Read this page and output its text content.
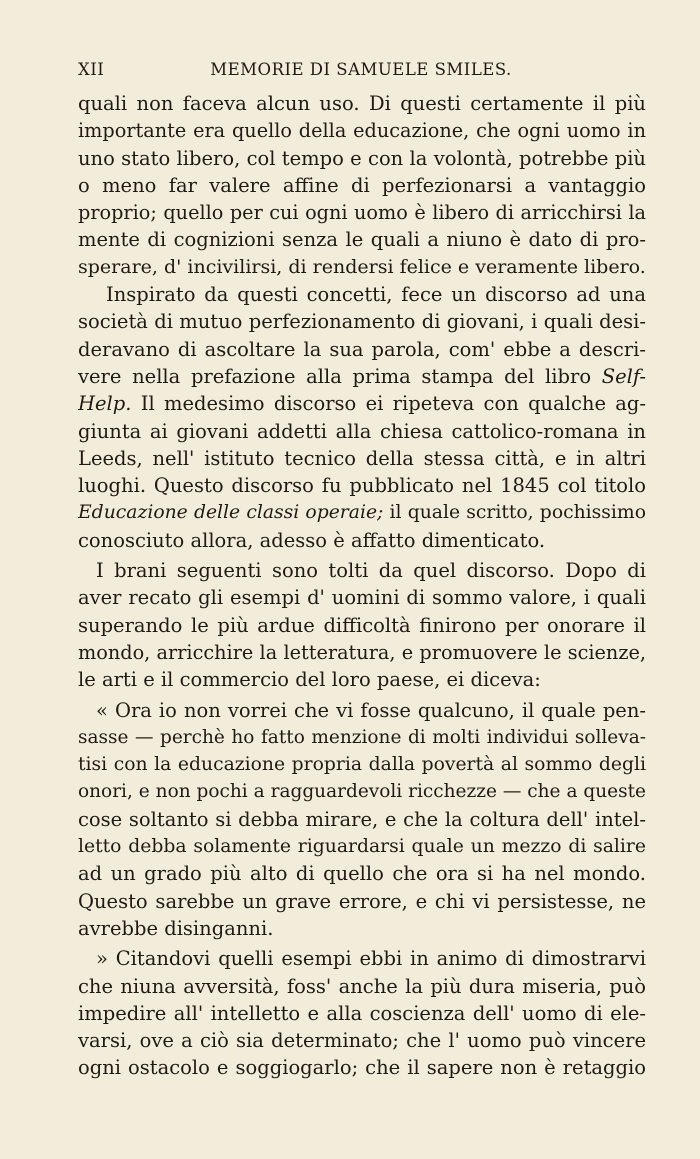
XII	MEMORIE DI SAMUELE SMILES.
quali non faceva alcun uso. Di questi certamente il più
importante era quello della educazione, che ogni uomo in
uno stato libero, col tempo e con la volontà, potrebbe più
o meno far valere affine di perfezionarsi a vantaggio
proprio; quello per cui ogni uomo è libero di arricchirsi la
mente di cognizioni senza le quali a niuno è dato di pro-
sperare, d' incivilirsi, di rendersi felice e veramente libero.
Inspirato da questi concetti, fece un discorso ad una
società di mutuo perfezionamento di giovani, i quali desi-
deravano di ascoltare la sua parola, com' ebbe a descri-
vere nella prefazione alla prima stampa del libro Self-
Help. Il medesimo discorso ei ripeteva con qualche ag-
giunta ai giovani addetti alla chiesa cattolico-romana in
Leeds, nell' istituto tecnico della stessa città, e in altri
luoghi. Questo discorso fu pubblicato nel 1845 col titolo
Educazione delle classi operaie; il quale scritto, pochissimo
conosciuto allora, adesso è affatto dimenticato.
I brani seguenti sono tolti da quel discorso. Dopo di
aver recato gli esempi d' uomini di sommo valore, i quali
superando le più ardue difficoltà finirono per onorare il
mondo, arricchire la letteratura, e promuovere le scienze,
le arti e il commercio del loro paese, ei diceva:
« Ora io non vorrei che vi fosse qualcuno, il quale pen-
sasse — perchè ho fatto menzione di molti individui solleva-
tisi con la educazione propria dalla povertà al sommo degli
onori, e non pochi a ragguardevoli ricchezze — che a queste
cose soltanto si debba mirare, e che la coltura dell' intel-
letto debba solamente riguardarsi quale un mezzo di salire
ad un grado più alto di quello che ora si ha nel mondo.
Questo sarebbe un grave errore, e chi vi persistesse, ne
avrebbe disinganni.
» Citandovi quelli esempi ebbi in animo di dimostrarvi
che niuna avversità, foss' anche la più dura miseria, può
impedire all' intelletto e alla coscienza dell' uomo di ele-
varsi, ove a ciò sia determinato; che l' uomo può vincere
ogni ostacolo e soggiogarlo; che il sapere non è retaggio
